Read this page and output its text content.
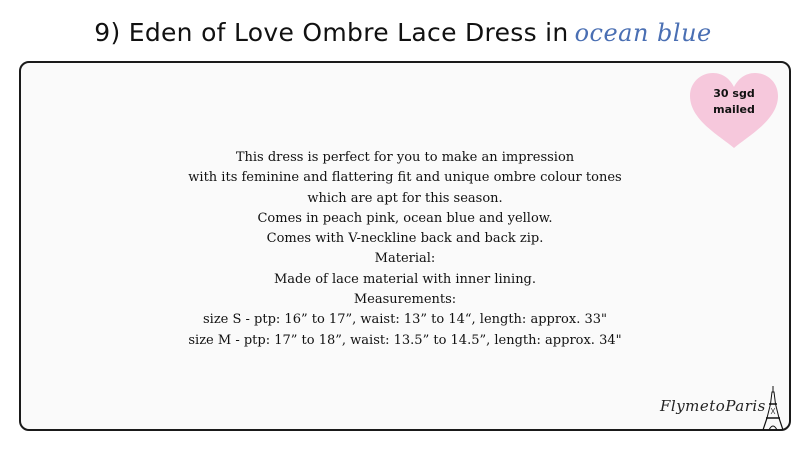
9) Eden of Love Ombre Lace Dress in ocean blue
30 sgd
mailed
This dress is perfect for you to make an impression
with its feminine and flattering fit and unique ombre colour tones
which are apt for this season.
Comes in peach pink, ocean blue and yellow.
Comes with V-neckline back and back zip.
Material:
Made of lace material with inner lining.
Measurements:
size S - ptp: 16” to 17”, waist: 13” to 14“, length: approx. 33"
size M - ptp: 17” to 18”, waist: 13.5” to 14.5”, length: approx. 34"
FlymetoParis
